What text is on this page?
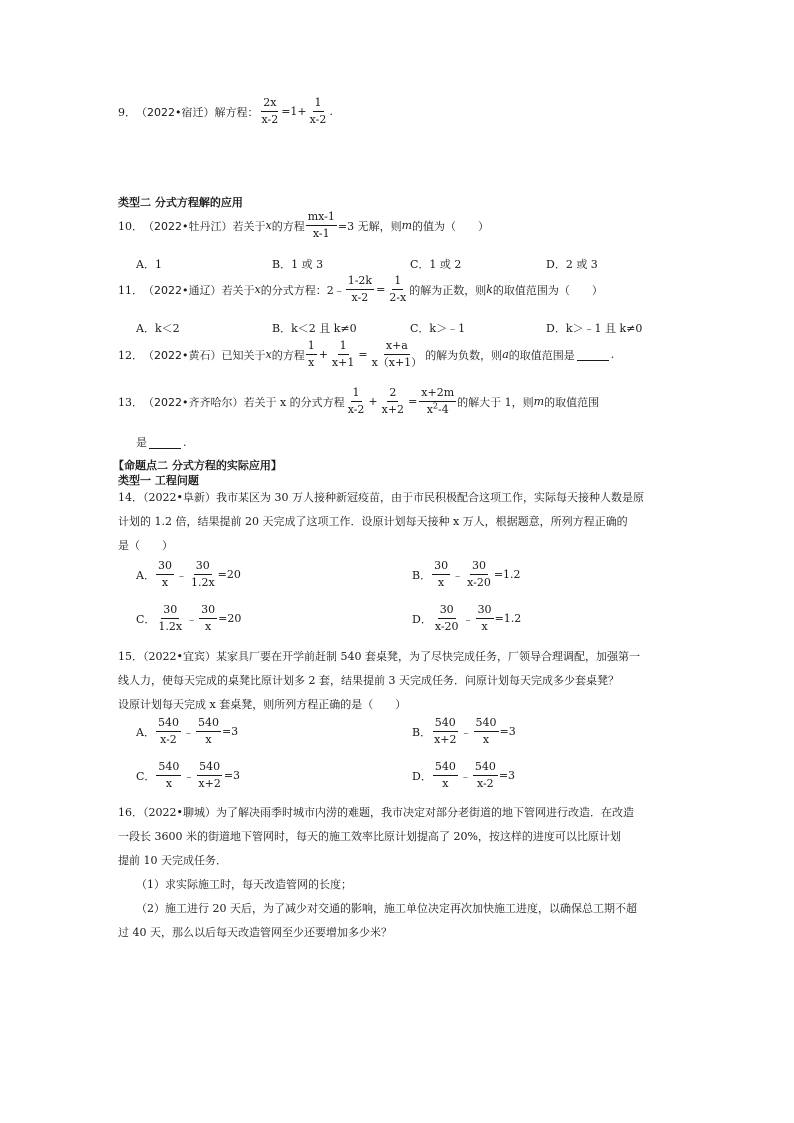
9． （2022•宿迁） 解方程： $\frac{2x}{x-2} =1+ \frac{1}{x-2}$ .
类型二 分式方程解的应用
10． （2022•牡丹江） 若关于 x 的方程 $\frac{mx-1}{x-1} =3$ 无解，则 m 的值为（　　）
A．1	B．1 或 3	C．1 或 2	D．2 或 3
11． （2022•通辽） 若关于 x 的分式方程：2﹣ $\frac{1-2k}{x-2} = \frac{1}{2-x}$ 的解为正数，则 k 的取值范围为（　　）
A．k＜2	B．k＜2 且 k≠0	C．k＞﹣1	D．k＞﹣1 且 k≠0
12． （2022•黄石） 已知关于 x 的方程 $\frac{1}{x} + \frac{1}{x+1} = \frac{x+a}{x(x+1)}$ 的解为负数，则 a 的取值范围是	.
13． （2022•齐齐哈尔） 若关于 x 的分式方程 $\frac{1}{x-2} + \frac{2}{x+2} = \frac{x+2m}{x^2-4}$ 的解大于 1，则 m 的取值范围
是	.
【命题点二 分式方程的实际应用】
类型一 工程问题
14．（2022•阜新）我市某区为 30 万人接种新冠疫苗，由于市民积极配合这项工作，实际每天接种人数是原
计划的 1.2 倍，结果提前 20 天完成了这项工作．设原计划每天接种 x 万人，根据题意，所列方程正确的
是（　　）
A． $\frac{30}{x}$ ﹣ $\frac{30}{1.2x} =20$	B． $\frac{30}{x}$ ﹣ $\frac{30}{x-20} =1.2$
C． $\frac{30}{1.2x}$ ﹣ $\frac{30}{x} =20$	D． $\frac{30}{x-20}$ ﹣ $\frac{30}{x} =1.2$
15．（2022•宜宾）某家具厂要在开学前赶制 540 套桌凳，为了尽快完成任务，厂领导合理调配，加强第一
线人力，使每天完成的桌凳比原计划多 2 套，结果提前 3 天完成任务．问原计划每天完成多少套桌凳？
设原计划每天完成 x 套桌凳，则所列方程正确的是（　　）
A． $\frac{540}{x-2}$ ﹣ $\frac{540}{x} =3$	B． $\frac{540}{x+2}$ ﹣ $\frac{540}{x} =3$
C． $\frac{540}{x}$ ﹣ $\frac{540}{x+2} =3$	D． $\frac{540}{x}$ ﹣ $\frac{540}{x-2} =3$
16．（2022•聊城）为了解决雨季时城市内涝的难题，我市决定对部分老街道的地下管网进行改造．在改造
一段长 3600 米的街道地下管网时，每天的施工效率比原计划提高了 20%，按这样的进度可以比原计划
提前 10 天完成任务．
（1）求实际施工时，每天改造管网的长度；
（2）施工进行 20 天后，为了减少对交通的影响，施工单位决定再次加快施工进度，以确保总工期不超
过 40 天，那么以后每天改造管网至少还要增加多少米？
